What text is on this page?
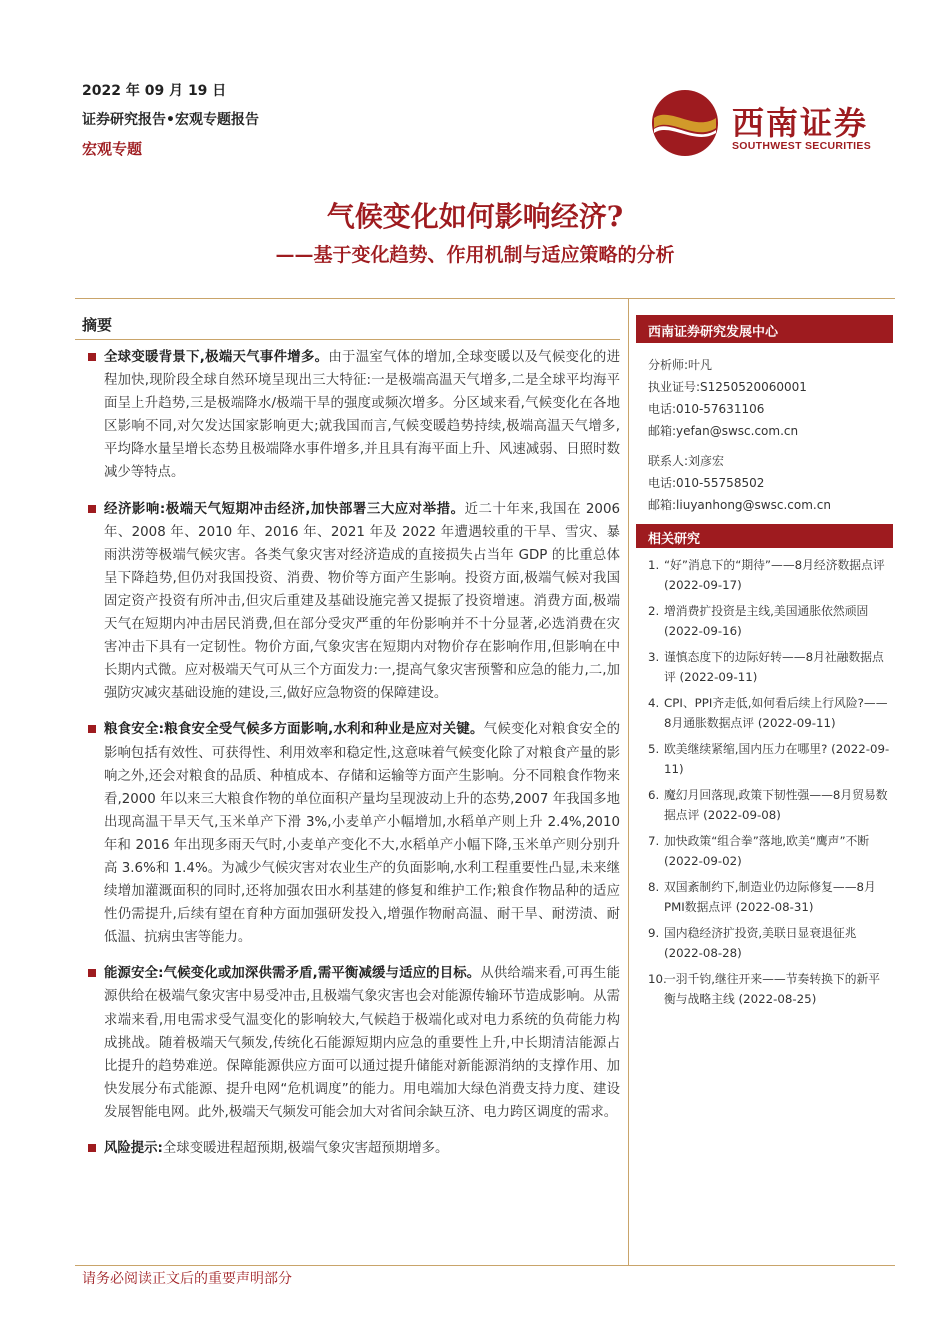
2022 年 09 月 19 日
证券研究报告•宏观专题报告
宏观专题
西南证券
SOUTHWEST SECURITIES
气候变化如何影响经济?
——基于变化趋势、作用机制与适应策略的分析
摘要
全球变暖背景下,极端天气事件增多。由于温室气体的增加,全球变暖以及气候变化的进程加快,现阶段全球自然环境呈现出三大特征:一是极端高温天气增多,二是全球平均海平面呈上升趋势,三是极端降水/极端干旱的强度或频次增多。分区域来看,气候变化在各地区影响不同,对欠发达国家影响更大;就我国而言,气候变暖趋势持续,极端高温天气增多,平均降水量呈增长态势且极端降水事件增多,并且具有海平面上升、风速减弱、日照时数减少等特点。
经济影响:极端天气短期冲击经济,加快部署三大应对举措。近二十年来,我国在 2006 年、2008 年、2010 年、2016 年、2021 年及 2022 年遭遇较重的干旱、雪灾、暴雨洪涝等极端气候灾害。各类气象灾害对经济造成的直接损失占当年 GDP 的比重总体呈下降趋势,但仍对我国投资、消费、物价等方面产生影响。投资方面,极端气候对我国固定资产投资有所冲击,但灾后重建及基础设施完善又提振了投资增速。消费方面,极端天气在短期内冲击居民消费,但在部分受灾严重的年份影响并不十分显著,必选消费在灾害冲击下具有一定韧性。物价方面,气象灾害在短期内对物价存在影响作用,但影响在中长期内式微。应对极端天气可从三个方面发力:一,提高气象灾害预警和应急的能力,二,加强防灾减灾基础设施的建设,三,做好应急物资的保障建设。
粮食安全:粮食安全受气候多方面影响,水利和种业是应对关键。气候变化对粮食安全的影响包括有效性、可获得性、利用效率和稳定性,这意味着气候变化除了对粮食产量的影响之外,还会对粮食的品质、种植成本、存储和运输等方面产生影响。分不同粮食作物来看,2000 年以来三大粮食作物的单位面积产量均呈现波动上升的态势,2007 年我国多地出现高温干旱天气,玉米单产下滑 3%,小麦单产小幅增加,水稻单产则上升 2.4%,2010 年和 2016 年出现多雨天气时,小麦单产变化不大,水稻单产小幅下降,玉米单产则分别升高 3.6%和 1.4%。为减少气候灾害对农业生产的负面影响,水利工程重要性凸显,未来继续增加灌溉面积的同时,还将加强农田水利基建的修复和维护工作;粮食作物品种的适应性仍需提升,后续有望在育种方面加强研发投入,增强作物耐高温、耐干旱、耐涝渍、耐低温、抗病虫害等能力。
能源安全:气候变化或加深供需矛盾,需平衡减缓与适应的目标。从供给端来看,可再生能源供给在极端气象灾害中易受冲击,且极端气象灾害也会对能源传输环节造成影响。从需求端来看,用电需求受气温变化的影响较大,气候趋于极端化或对电力系统的负荷能力构成挑战。随着极端天气频发,传统化石能源短期内应急的重要性上升,中长期清洁能源占比提升的趋势难逆。保障能源供应方面可以通过提升储能对新能源消纳的支撑作用、加快发展分布式能源、提升电网“危机调度”的能力。用电端加大绿色消费支持力度、建设发展智能电网。此外,极端天气频发可能会加大对省间余缺互济、电力跨区调度的需求。
风险提示:全球变暖进程超预期,极端气象灾害超预期增多。
西南证券研究发展中心
分析师:叶凡
执业证号:S1250520060001
电话:010-57631106
邮箱:yefan@swsc.com.cn
联系人:刘彦宏
电话:010-55758502
邮箱:liuyanhong@swsc.com.cn
相关研究
1. “好”消息下的“期待”——8月经济数据点评 (2022-09-17)
2. 增消费扩投资是主线,美国通胀依然顽固 (2022-09-16)
3. 谨慎态度下的边际好转——8月社融数据点评 (2022-09-11)
4. CPI、PPI齐走低,如何看后续上行风险?——8月通胀数据点评 (2022-09-11)
5. 欧美继续紧缩,国内压力在哪里? (2022-09-11)
6. 魔幻月回落现,政策下韧性强——8月贸易数据点评 (2022-09-08)
7. 加快政策“组合拳”落地,欧美“鹰声”不断 (2022-09-02)
8. 双国紊制约下,制造业仍边际修复——8月 PMI数据点评 (2022-08-31)
9. 国内稳经济扩投资,美联日显衰退征兆 (2022-08-28)
10.
一羽千钧,继往开来——节奏转换下的新平衡与战略主线 (2022-08-25)
请务必阅读正文后的重要声明部分
